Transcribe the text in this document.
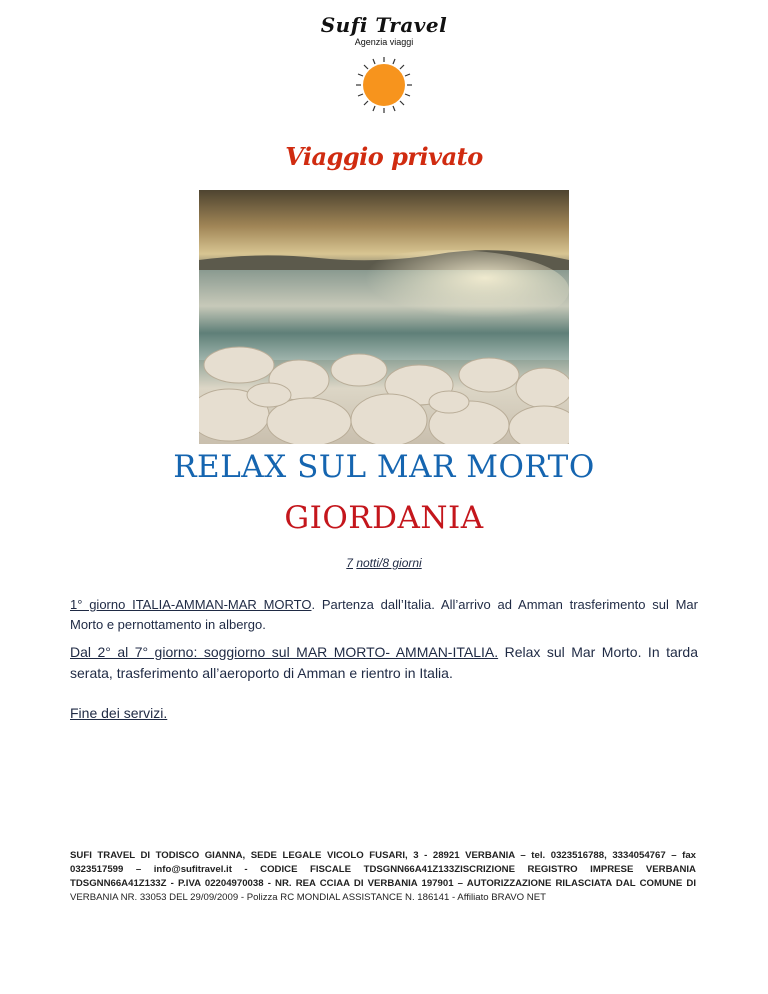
Sufi Travel
Agenzia viaggi
Viaggio privato
RELAX SUL MAR MORTO
GIORDANIA
7 notti/8 giorni
1° giorno ITALIA-AMMAN-MAR MORTO. Partenza dall’Italia. All’arrivo ad Amman trasferimento sul Mar Morto e pernottamento in albergo.
Dal 2° al 7° giorno: soggiorno sul MAR MORTO- AMMAN-ITALIA. Relax sul Mar Morto. In tarda serata, trasferimento all’aeroporto di Amman e rientro in Italia.
Fine dei servizi.
SUFI TRAVEL DI TODISCO GIANNA, SEDE LEGALE VICOLO FUSARI, 3 - 28921 VERBANIA – tel. 0323516788, 3334054767 – fax 0323517599 – info@sufitravel.it - CODICE FISCALE TDSGNN66A41Z133ZISCRIZIONE REGISTRO IMPRESE VERBANIA TDSGNN66A41Z133Z - P.IVA 02204970038 - NR. REA CCIAA DI VERBANIA 197901 – AUTORIZZAZIONE RILASCIATA DAL COMUNE DI VERBANIA NR. 33053 DEL 29/09/2009 - Polizza RC MONDIAL ASSISTANCE N. 186141 - Affiliato BRAVO NET
